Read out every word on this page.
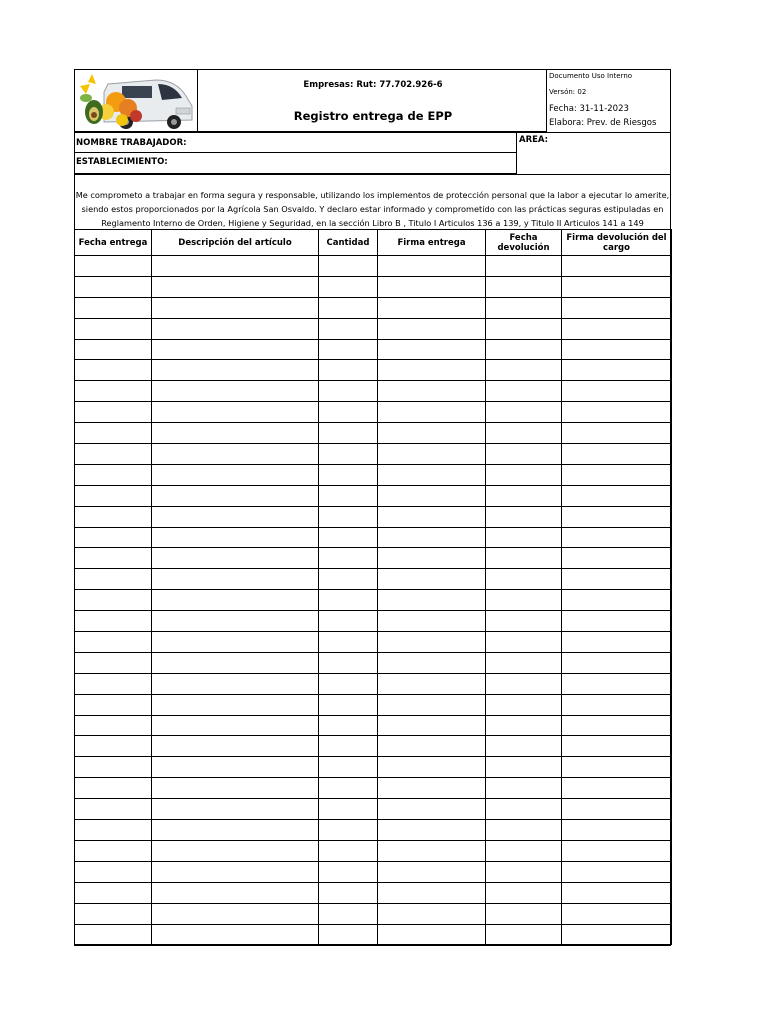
Empresas: Rut: 77.702.926-6
Registro entrega de EPP
Documento Uso Interno
Versón: 02
Fecha: 31-11-2023
Elabora: Prev. de Riesgos
NOMBRE TRABAJADOR:	AREA:
ESTABLECIMIENTO:
Me comprometo a trabajar en forma segura y responsable, utilizando los implementos de protección personal que la labor a ejecutar lo amerite,
siendo estos proporcionados por la Agrícola San Osvaldo. Y declaro estar informado y comprometido con las prácticas seguras estipuladas en
Reglamento Interno de Orden, Higiene y Seguridad, en la sección Libro B , Titulo I Articulos 136 a 139, y Titulo II Articulos 141 a 149
Fecha entrega	Descripción del artículo	Cantidad	Firma entrega	Fecha devolución	Firma devolución del cargo
